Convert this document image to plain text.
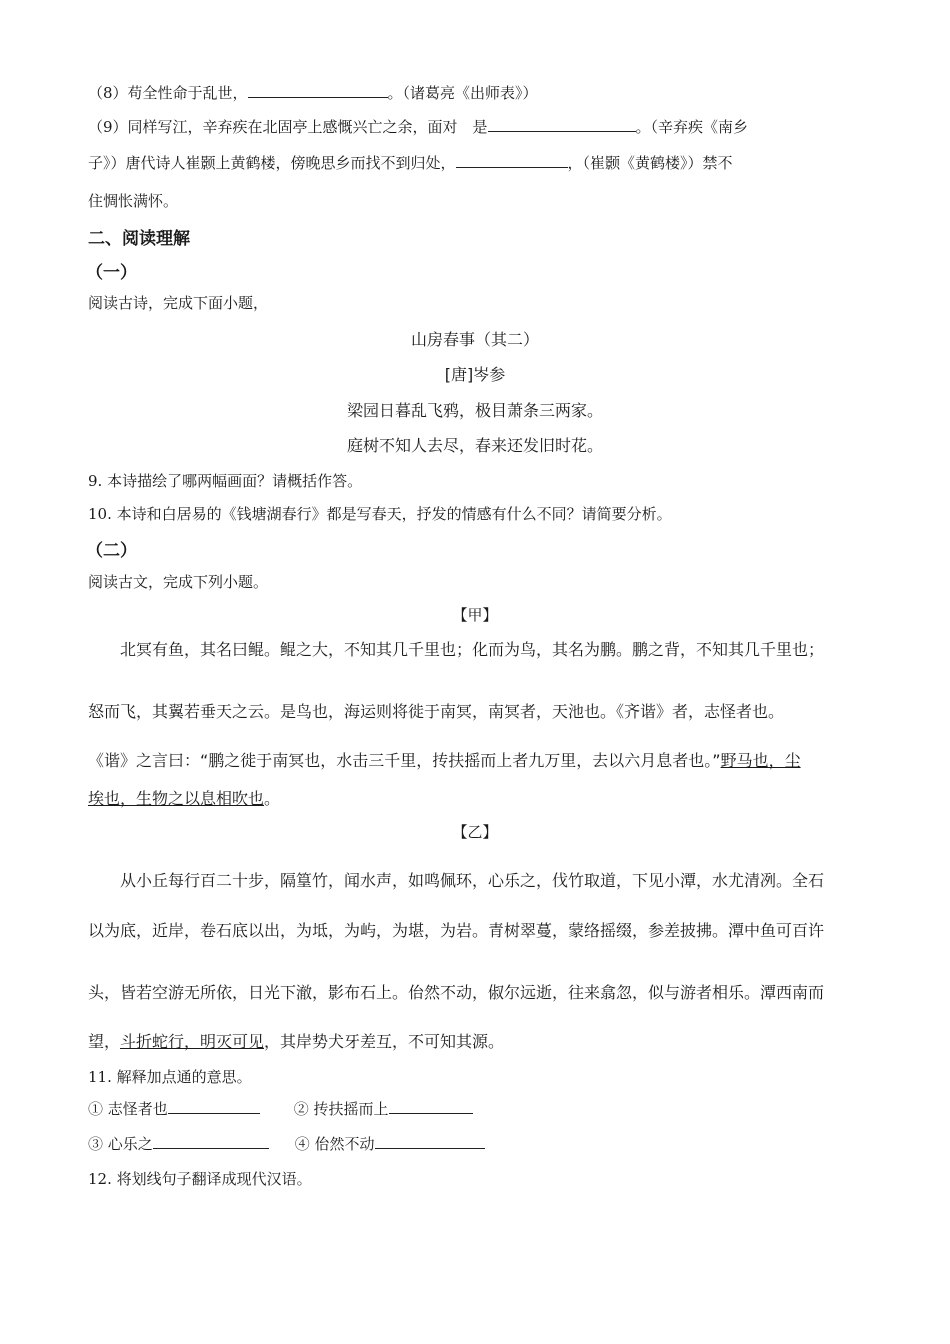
（8）苟全性命于乱世，	。（诸葛亮《出师表》）
（9）同样写江，辛弃疾在北固亭上感慨兴亡之余，面对　是	。（辛弃疾《南乡
子》）唐代诗人崔颢上黄鹤楼，傍晚思乡而找不到归处，	，（崔颢《黄鹤楼》）禁不
住惆怅满怀。
二、阅读理解
（一）
阅读古诗，完成下面小题，
山房春事（其二）
[唐]岑参
梁园日暮乱飞鸦，极目萧条三两家。
庭树不知人去尽，春来还发旧时花。
9. 本诗描绘了哪两幅画面？请概括作答。
10. 本诗和白居易的《钱塘湖春行》都是写春天，抒发的情感有什么不同？请简要分析。
（二）
阅读古文，完成下列小题。
【甲】
北冥有鱼，其名曰鲲。鲲之大，不知其几千里也；化而为鸟，其名为鹏。鹏之背，不知其几千里也；
怒而飞，其翼若垂天之云。是鸟也，海运则将徙于南冥，南冥者，天池也。《齐谐》者，志怪者也。
《谐》之言曰：“鹏之徙于南冥也，水击三千里，抟扶摇而上者九万里，去以六月息者也。”野马也，尘
埃也，生物之以息相吹也。
【乙】
从小丘每行百二十步，隔篁竹，闻水声，如鸣佩环，心乐之，伐竹取道，下见小潭，水尤清冽。全石
以为底，近岸，卷石底以出，为坻，为屿，为堪，为岩。青树翠蔓，蒙络摇缀，参差披拂。潭中鱼可百许
头，皆若空游无所依，日光下澈，影布石上。佁然不动，俶尔远逝，往来翕忽，似与游者相乐。潭西南而
望，斗折蛇行，明灭可见，其岸势犬牙差互，不可知其源。
11. 解释加点通的意思。
① 志怪者也	② 抟扶摇而上
③ 心乐之	④ 佁然不动
12. 将划线句子翻译成现代汉语。
